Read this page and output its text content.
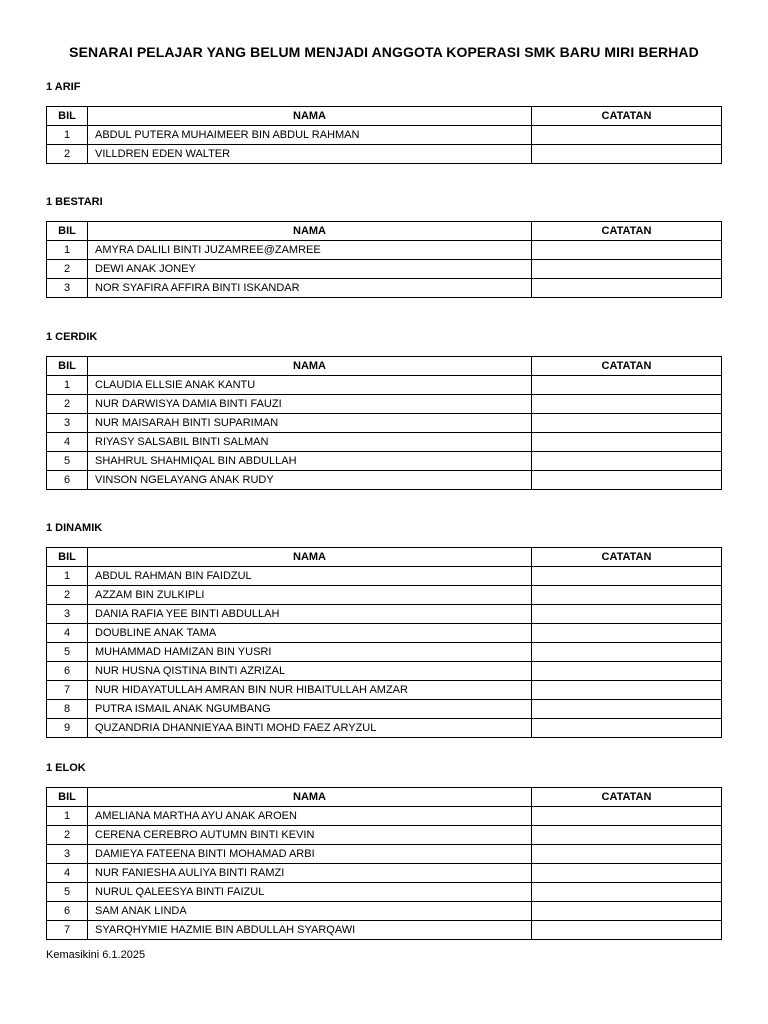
SENARAI PELAJAR YANG BELUM MENJADI ANGGOTA KOPERASI SMK BARU MIRI BERHAD
1 ARIF
BIL	NAMA	CATATAN
1	ABDUL PUTERA MUHAIMEER BIN ABDUL RAHMAN	
2	VILLDREN EDEN WALTER	
1 BESTARI
BIL	NAMA	CATATAN
1	AMYRA DALILI BINTI JUZAMREE@ZAMREE	
2	DEWI ANAK JONEY	
3	NOR SYAFIRA AFFIRA BINTI ISKANDAR	
1 CERDIK
BIL	NAMA	CATATAN
1	CLAUDIA ELLSIE ANAK KANTU	
2	NUR DARWISYA DAMIA BINTI FAUZI	
3	NUR MAISARAH BINTI SUPARIMAN	
4	RIYASY SALSABIL BINTI SALMAN	
5	SHAHRUL SHAHMIQAL BIN ABDULLAH	
6	VINSON NGELAYANG ANAK RUDY	
1 DINAMIK
BIL	NAMA	CATATAN
1	ABDUL RAHMAN BIN FAIDZUL	
2	AZZAM BIN ZULKIPLI	
3	DANIA RAFIA YEE BINTI ABDULLAH	
4	DOUBLINE ANAK TAMA	
5	MUHAMMAD HAMIZAN BIN YUSRI	
6	NUR HUSNA QISTINA BINTI AZRIZAL	
7	NUR HIDAYATULLAH AMRAN BIN NUR HIBAITULLAH AMZAR	
8	PUTRA ISMAIL ANAK NGUMBANG	
9	QUZANDRIA DHANNIEYAA BINTI MOHD FAEZ ARYZUL	
1 ELOK
BIL	NAMA	CATATAN
1	AMELIANA MARTHA AYU ANAK AROEN	
2	CERENA CEREBRO AUTUMN BINTI KEVIN	
3	DAMIEYA FATEENA BINTI MOHAMAD ARBI	
4	NUR FANIESHA AULIYA BINTI RAMZI	
5	NURUL QALEESYA BINTI FAIZUL	
6	SAM ANAK LINDA	
7	SYARQHYMIE HAZMIE BIN ABDULLAH SYARQAWI	
Kemasikini 6.1.2025
